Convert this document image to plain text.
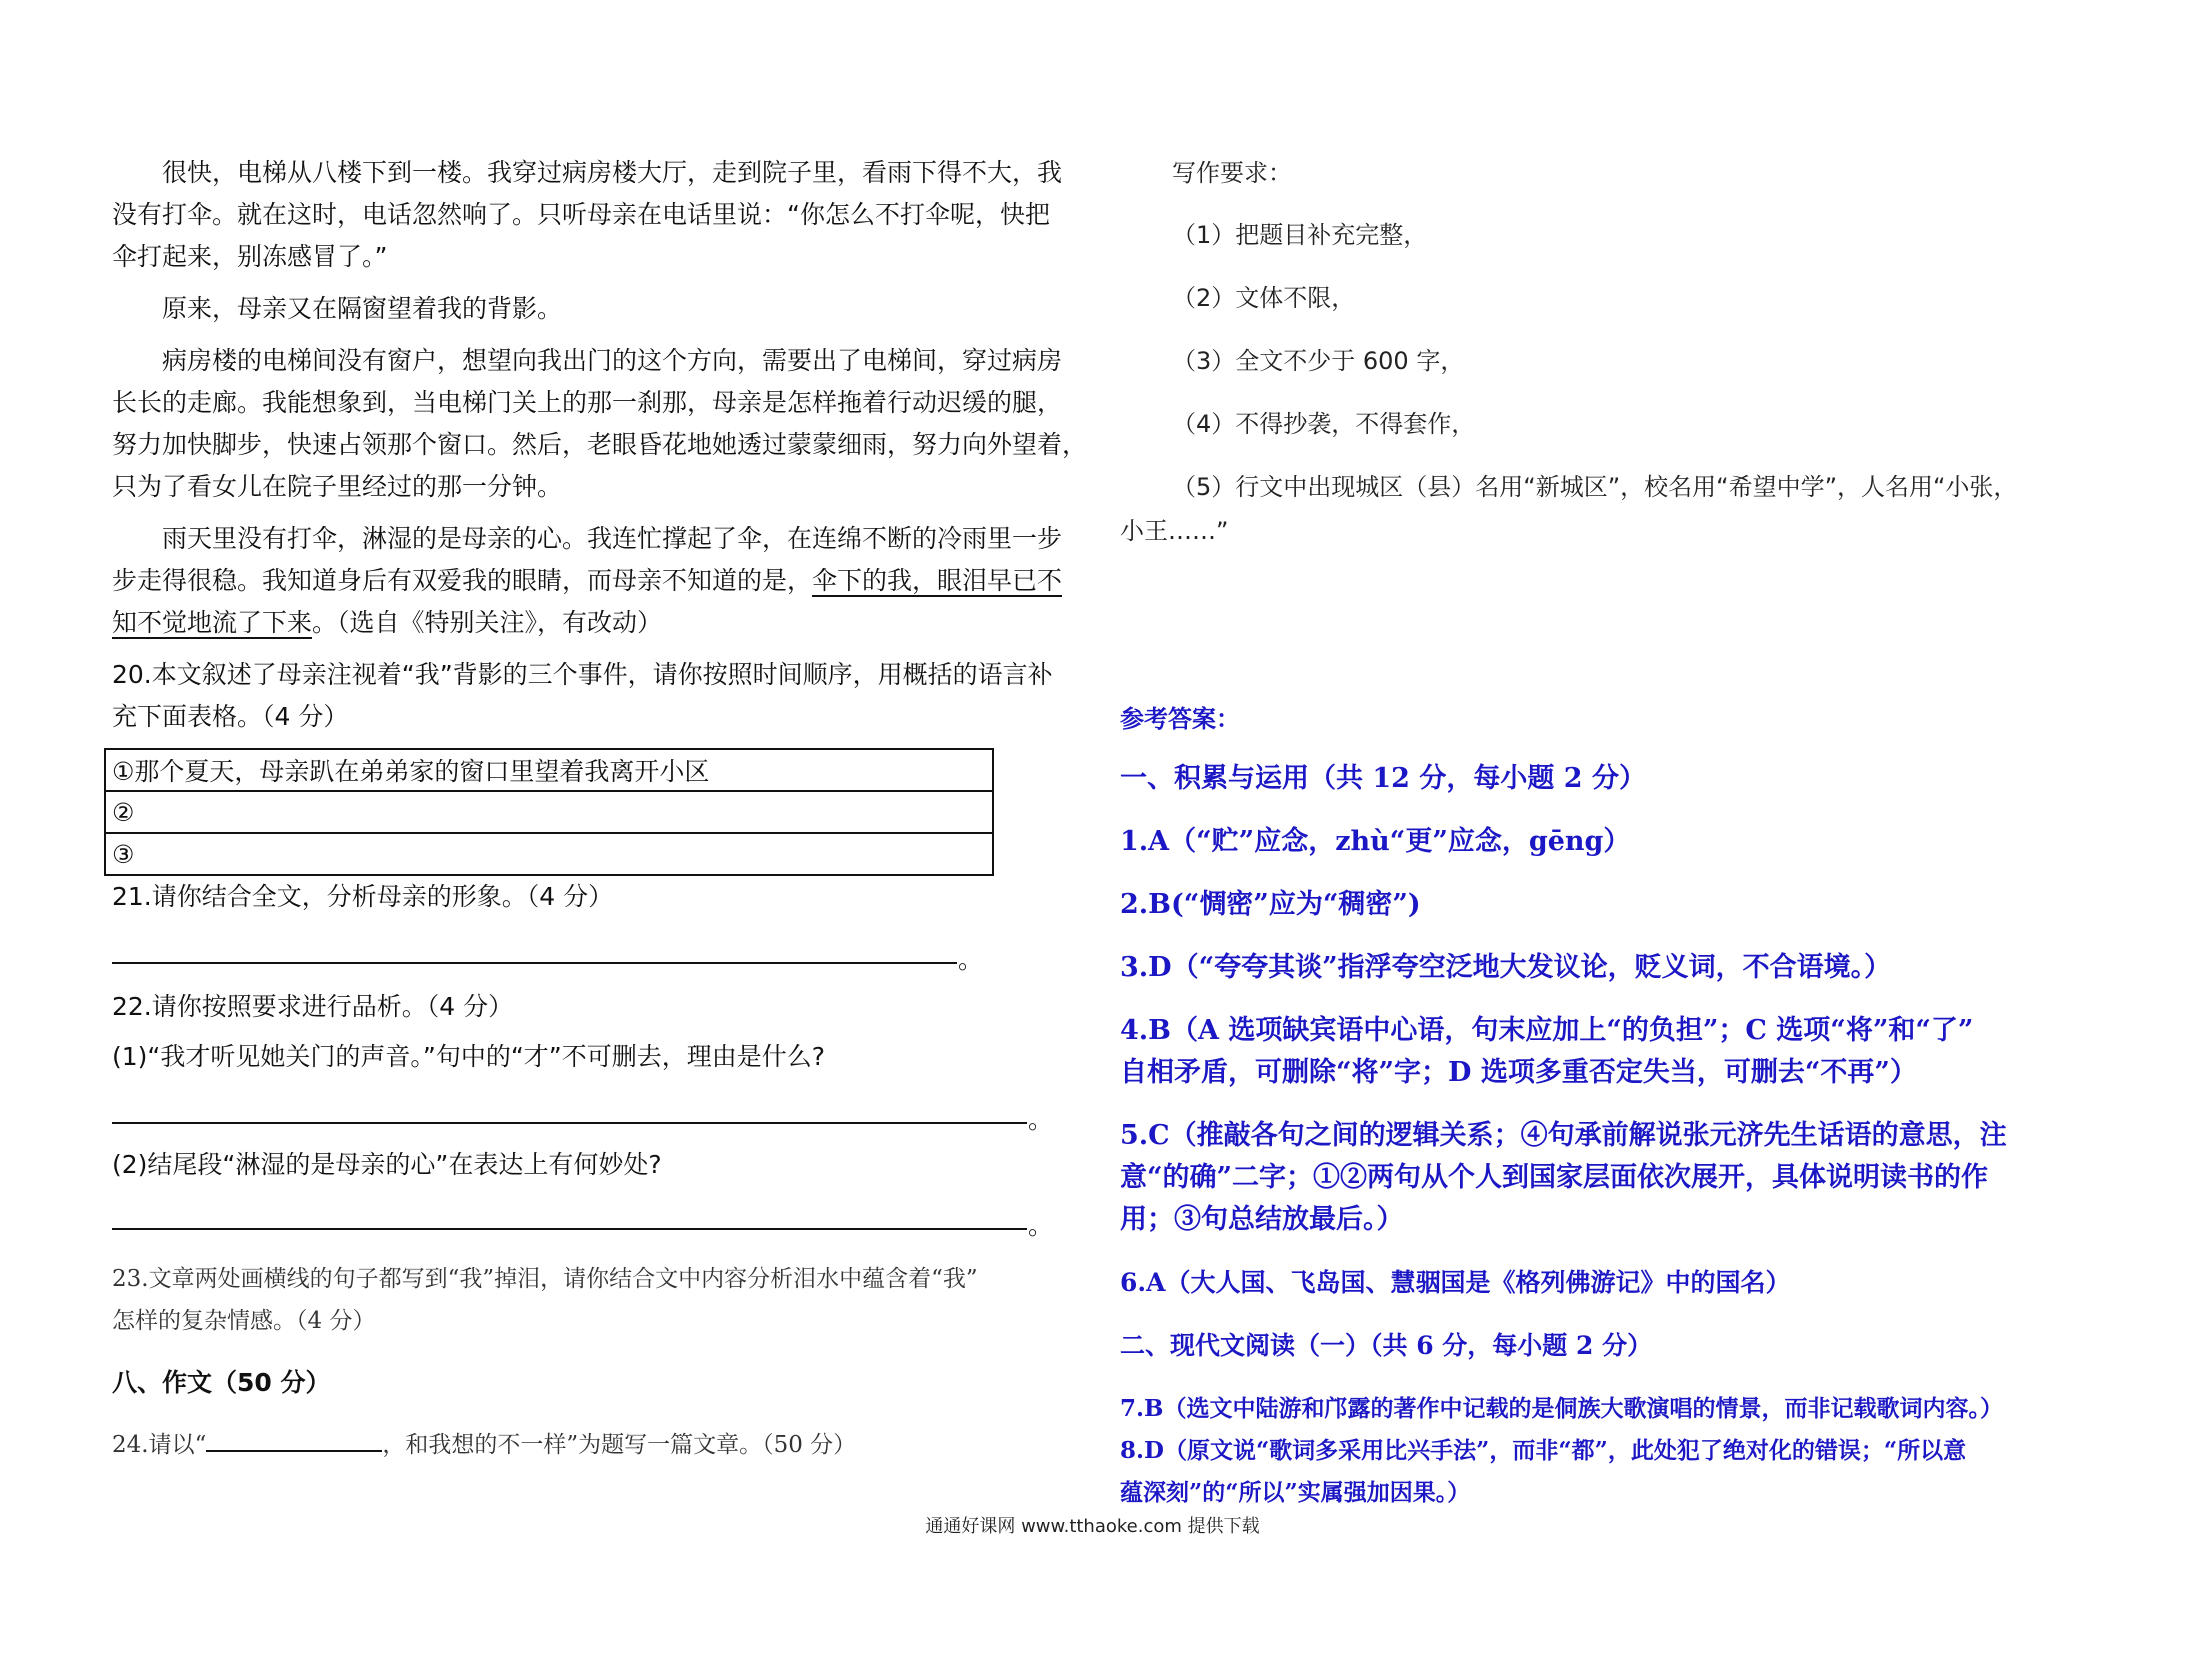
很快，电梯从八楼下到一楼。我穿过病房楼大厅，走到院子里，看雨下得不大，我
没有打伞。就在这时，电话忽然响了。只听母亲在电话里说：“你怎么不打伞呢，快把
伞打起来，别冻感冒了。”
原来，母亲又在隔窗望着我的背影。
病房楼的电梯间没有窗户，想望向我出门的这个方向，需要出了电梯间，穿过病房
长长的走廊。我能想象到，当电梯门关上的那一刹那，母亲是怎样拖着行动迟缓的腿，
努力加快脚步，快速占领那个窗口。然后，老眼昏花地她透过蒙蒙细雨，努力向外望着，
只为了看女儿在院子里经过的那一分钟。
雨天里没有打伞，淋湿的是母亲的心。我连忙撑起了伞，在连绵不断的冷雨里一步
步走得很稳。我知道身后有双爱我的眼睛，而母亲不知道的是，伞下的我，眼泪早已不
知不觉地流了下来。（选自《特别关注》，有改动）
20.本文叙述了母亲注视着“我”背影的三个事件，请你按照时间顺序，用概括的语言补
充下面表格。（4 分）
①那个夏天，母亲趴在弟弟家的窗口里望着我离开小区
②
③
21.请你结合全文，分析母亲的形象。（4 分）
。
22.请你按照要求进行品析。（4 分）
(1)“我才听见她关门的声音。”句中的“才”不可删去，理由是什么?
。
(2)结尾段“淋湿的是母亲的心”在表达上有何妙处?
。
23.文章两处画横线的句子都写到“我”掉泪，请你结合文中内容分析泪水中蕴含着“我”
怎样的复杂情感。（4 分）
八、作文（50 分）
24.请以“	，和我想的不一样”为题写一篇文章。（50 分）
写作要求：
（1）把题目补充完整，
（2）文体不限，
（3）全文不少于 600 字，
（4）不得抄袭，不得套作，
（5）行文中出现城区（县）名用“新城区”，校名用“希望中学”，人名用“小张，
小王……”
参考答案：
一、积累与运用（共 12 分，每小题 2 分）
1.A（“贮”应念，zhù“更”应念，gēng）
2.B(“惆密”应为“稠密”)
3.D（“夸夸其谈”指浮夸空泛地大发议论，贬义词，不合语境。）
4.B（A 选项缺宾语中心语，句末应加上“的负担”；C 选项“将”和“了”
自相矛盾，可删除“将”字；D 选项多重否定失当，可删去“不再”）
5.C（推敲各句之间的逻辑关系；④句承前解说张元济先生话语的意思，注
意“的确”二字；①②两句从个人到国家层面依次展开，具体说明读书的作
用；③句总结放最后。）
6.A（大人国、飞岛国、慧骃国是《格列佛游记》中的国名）
二、现代文阅读（一）（共 6 分，每小题 2 分）
7.B（选文中陆游和邝露的著作中记载的是侗族大歌演唱的情景，而非记载歌词内容。）
8.D（原文说“歌词多采用比兴手法”，而非“都”，此处犯了绝对化的错误；“所以意
蕴深刻”的“所以”实属强加因果。）
通通好课网 www.tthaoke.com 提供下载
